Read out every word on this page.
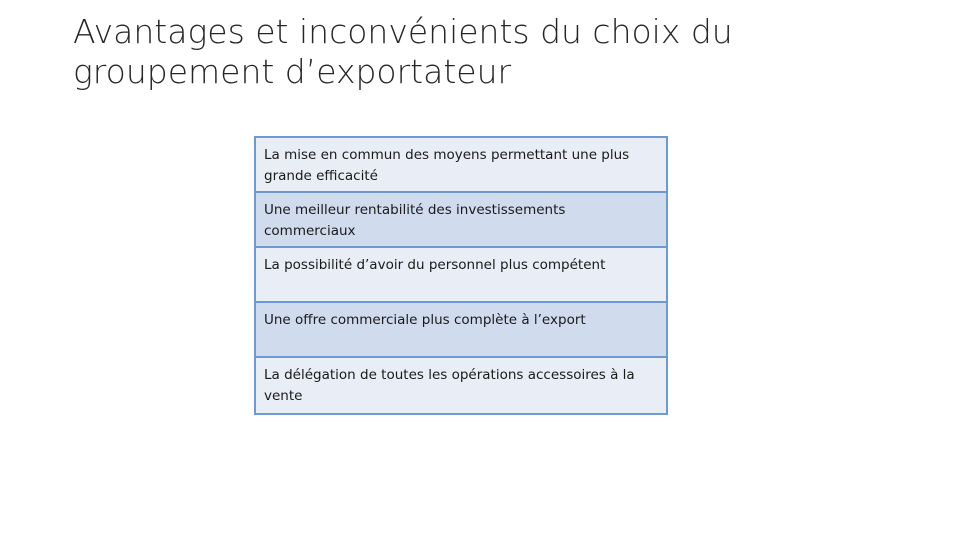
Avantages et inconvénients du choix du groupement d’exportateur
La mise en commun des moyens permettant une plus grande efficacité
Une meilleur rentabilité des investissements commerciaux
La possibilité d’avoir du personnel plus compétent
Une offre commerciale plus complète à l’export
La délégation de toutes les opérations accessoires à la vente
